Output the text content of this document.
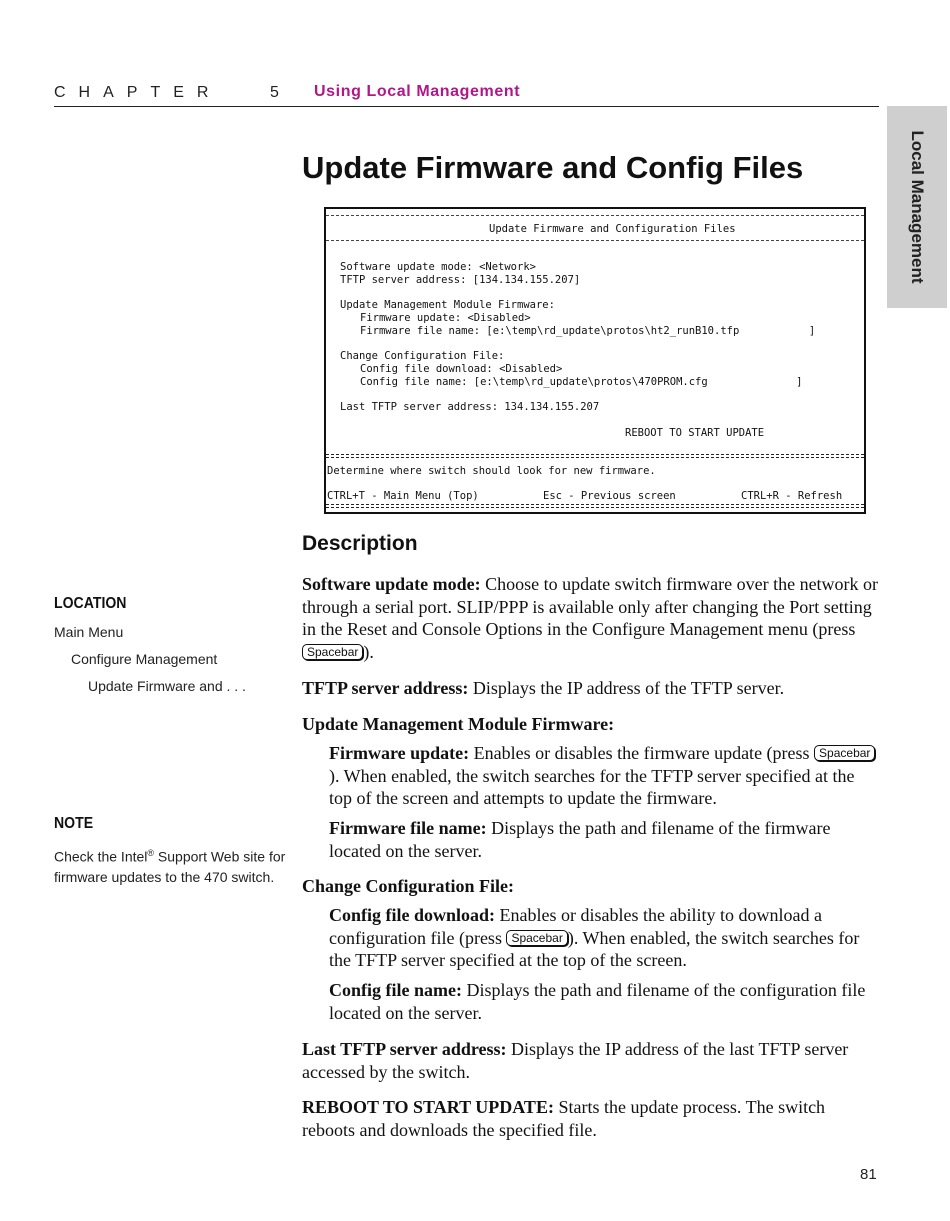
CHAPTER	5 Using Local Management
Local Management
Update Firmware and Config Files
Update Firmware and Configuration Files
Software update mode: <Network>
TFTP server address: [134.134.155.207]
Update Management Module Firmware:
Firmware update: <Disabled>
Firmware file name: [e:\temp\rd_update\protos\ht2_runB10.tfp           ]
Change Configuration File:
Config file download: <Disabled>
Config file name: [e:\temp\rd_update\protos\470PROM.cfg              ]
Last TFTP server address: 134.134.155.207
REBOOT TO START UPDATE
Determine where switch should look for new firmware.
CTRL+T - Main Menu (Top)	Esc - Previous screen	CTRL+R - Refresh
Description

Software update mode: Choose to update switch firmware over the network or through a serial port. SLIP/PPP is available only after changing the Port setting in the Reset and Console Options in the Configure Management menu (press Spacebar ).

TFTP server address: Displays the IP address of the TFTP server.

Update Management Module Firmware:

Firmware update: Enables or disables the firmware update (press Spacebar). When enabled, the switch searches for the TFTP server specified at the top of the screen and attempts to update the firmware.

Firmware file name: Displays the path and filename of the firmware located on the server.

Change Configuration File:

Config file download: Enables or disables the ability to download a configuration file (press Spacebar ). When enabled, the switch searches for the TFTP server specified at the top of the screen.

Config file name: Displays the path and filename of the configuration file located on the server.

Last TFTP server address: Displays the IP address of the last TFTP server accessed by the switch.

REBOOT TO START UPDATE: Starts the update process. The switch reboots and downloads the specified file.

LOCATION
Main Menu
Configure Management
Update Firmware and . . .
NOTE
Check the Intel® Support Web site for firmware updates to the 470 switch.
81
